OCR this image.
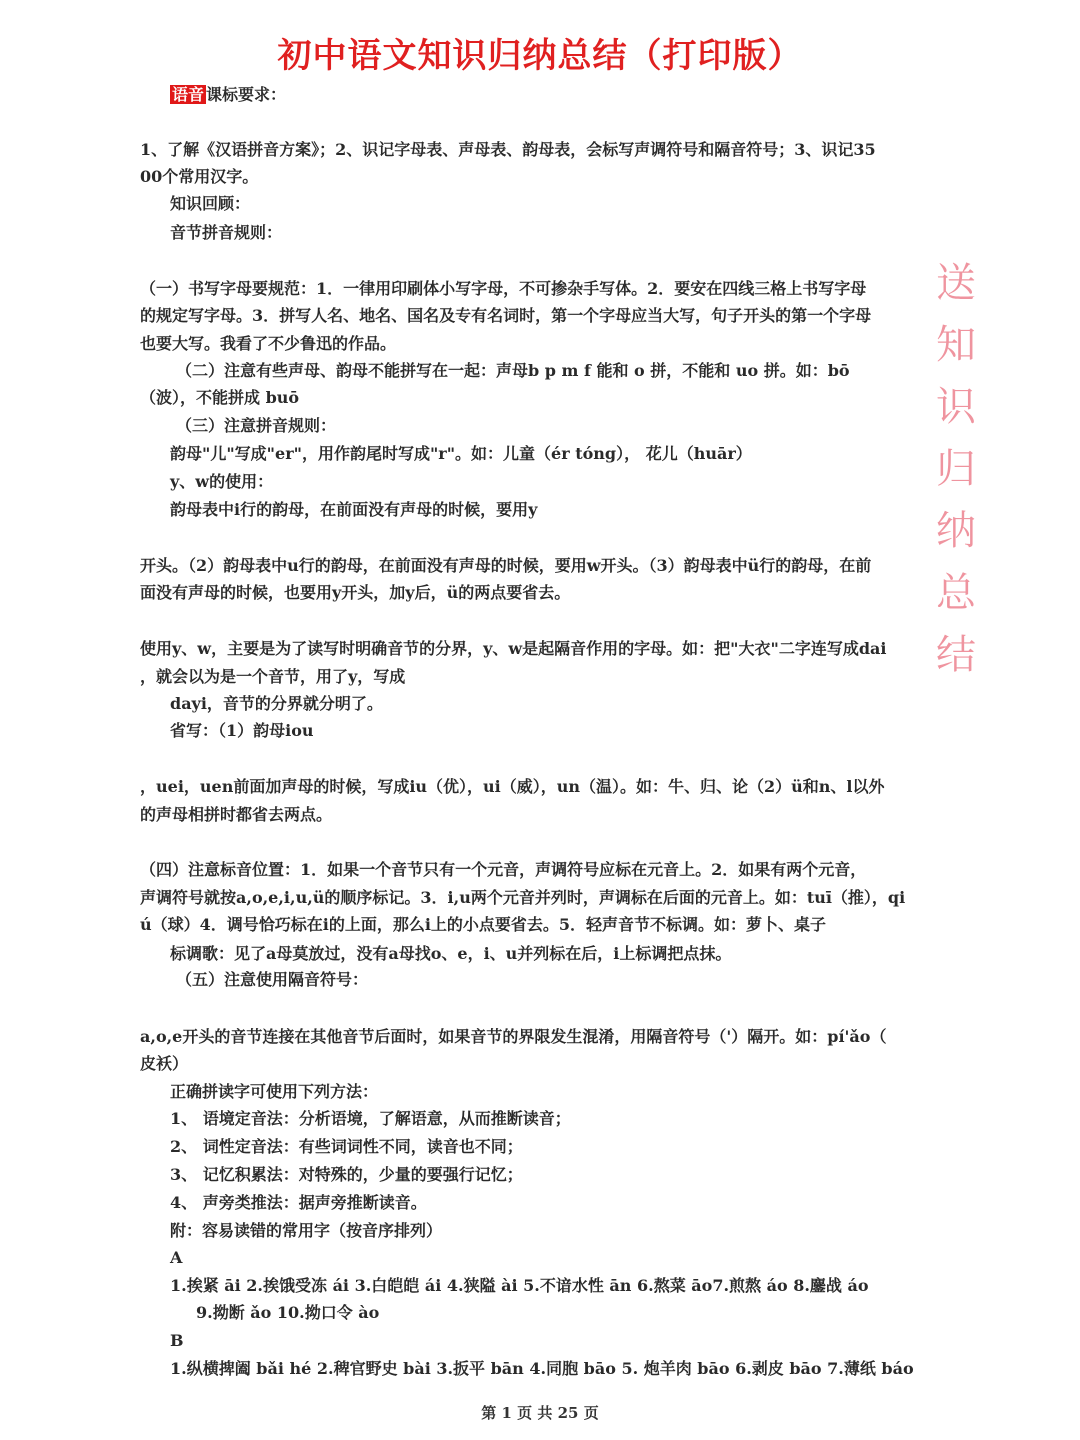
初中语文知识归纳总结（打印版）
语音 课标要求：
1、了解《汉语拼音方案》；2、识记字母表、声母表、韵母表，会标写声调符号和隔音符号；3、识记35
00个常用汉字。
知识回顾：
音节拼音规则：
（一）书写字母要规范：1．一律用印刷体小写字母，不可掺杂手写体。2．要安在四线三格上书写字母
的规定写字母。3．拼写人名、地名、国名及专有名词时，第一个字母应当大写，句子开头的第一个字母
也要大写。我看了不少鲁迅的作品。
（二）注意有些声母、韵母不能拼写在一起：声母b p m f 能和 o 拼，不能和 uo 拼。如：bō
（波），不能拼成 buō
（三）注意拼音规则：
韵母"儿"写成"er"，用作韵尾时写成"r"。如：儿童（ér tóng）， 花儿（huār）
y、w的使用：
韵母表中i行的韵母，在前面没有声母的时候，要用y
开头。（2）韵母表中u行的韵母，在前面没有声母的时候，要用w开头。（3）韵母表中ü行的韵母，在前
面没有声母的时候，也要用y开头，加y后，ü的两点要省去。
使用y、w，主要是为了读写时明确音节的分界，y、w是起隔音作用的字母。如：把"大衣"二字连写成dai
，就会以为是一个音节，用了y，写成
dayi，音节的分界就分明了。
省写：（1）韵母iou
，uei，uen前面加声母的时候，写成iu（优），ui（威），un（温）。如：牛、归、论（2）ü和n、l以外
的声母相拼时都省去两点。
（四）注意标音位置：1．如果一个音节只有一个元音，声调符号应标在元音上。2．如果有两个元音，
声调符号就按a,o,e,i,u,ü的顺序标记。3．i,u两个元音并列时，声调标在后面的元音上。如：tuī（推），qi
ú（球）4．调号恰巧标在i的上面，那么i上的小点要省去。5．轻声音节不标调。如：萝卜、桌子
标调歌：见了a母莫放过，没有a母找o、e，i、u并列标在后，i上标调把点抹。
（五）注意使用隔音符号：
a,o,e开头的音节连接在其他音节后面时，如果音节的界限发生混淆，用隔音符号（'）隔开。如：pí'ǎo（
皮袄）
正确拼读字可使用下列方法：
1、 语境定音法：分析语境，了解语意，从而推断读音；
2、 词性定音法：有些词词性不同，读音也不同；
3、 记忆积累法：对特殊的，少量的要强行记忆；
4、 声旁类推法：据声旁推断读音。
附：容易读错的常用字（按音序排列）
A
1.挨紧 āi 2.挨饿受冻 ái 3.白皑皑 ái 4.狭隘 ài 5.不谙水性 ān 6.熬菜 āo7.煎熬 áo 8.鏖战 áo
9.拗断 ǎo 10.拗口令 ào
B
1.纵横捭阖 bǎi hé 2.稗官野史 bài 3.扳平 bān 4.同胞 bāo 5. 炮羊肉 bāo 6.剥皮 bāo 7.薄纸 báo
送知识归纳总结
第 1 页 共 25 页
